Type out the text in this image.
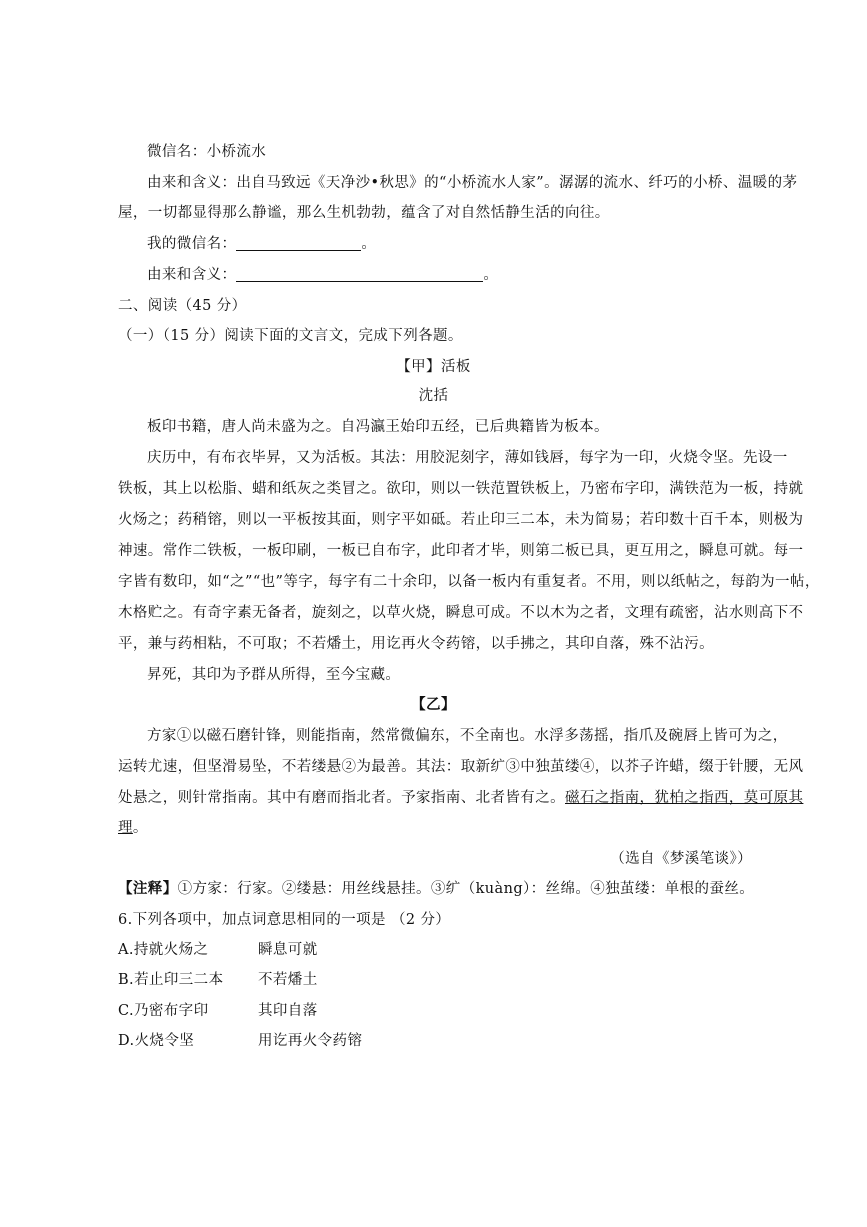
微信名：小桥流水
由来和含义：出自马致远《天净沙•秋思》的“小桥流水人家”。潺潺的流水、纤巧的小桥、温暖的茅
屋，一切都显得那么静谧，那么生机勃勃，蕴含了对自然恬静生活的向往。
我的微信名：	。
由来和含义：	。
二、阅读（45 分）
（一）（15 分）阅读下面的文言文，完成下列各题。
【甲】活板
沈括
板印书籍，唐人尚未盛为之。自冯瀛王始印五经，已后典籍皆为板本。
庆历中，有布衣毕昇，又为活板。其法：用胶泥刻字，薄如钱唇，每字为一印，火烧令坚。先设一
铁板，其上以松脂、蜡和纸灰之类冒之。欲印，则以一铁范置铁板上，乃密布字印，满铁范为一板，持就
火炀之；药稍镕，则以一平板按其面，则字平如砥。若止印三二本，未为简易；若印数十百千本，则极为
神速。常作二铁板，一板印刷，一板已自布字，此印者才毕，则第二板已具，更互用之，瞬息可就。每一
字皆有数印，如“之”“也”等字，每字有二十余印，以备一板内有重复者。不用，则以纸帖之，每韵为一帖，
木格贮之。有奇字素无备者，旋刻之，以草火烧，瞬息可成。不以木为之者，文理有疏密，沾水则高下不
平，兼与药相粘，不可取；不若燔土，用讫再火令药镕，以手拂之，其印自落，殊不沾污。
昇死，其印为予群从所得，至今宝藏。
【乙】
方家①以磁石磨针锋，则能指南，然常微偏东，不全南也。水浮多荡摇，指爪及碗唇上皆可为之，
运转尤速，但坚滑易坠，不若缕悬②为最善。其法：取新纩③中独茧缕④，以芥子许蜡，缀于针腰，无风
处悬之，则针常指南。其中有磨而指北者。予家指南、北者皆有之。磁石之指南，犹柏之指西，莫可原其
理。
（选自《梦溪笔谈》）
【注释】①方家：行家。②缕悬：用丝线悬挂。③纩（kuàng）：丝绵。④独茧缕：单根的蚕丝。
6.下列各项中，加点词意思相同的一项是 （2 分）
A.持就火炀之	瞬息可就
B.若止印三二本 不若燔土
C.乃密布字印	其印自落
D.火烧令坚	用讫再火令药镕
